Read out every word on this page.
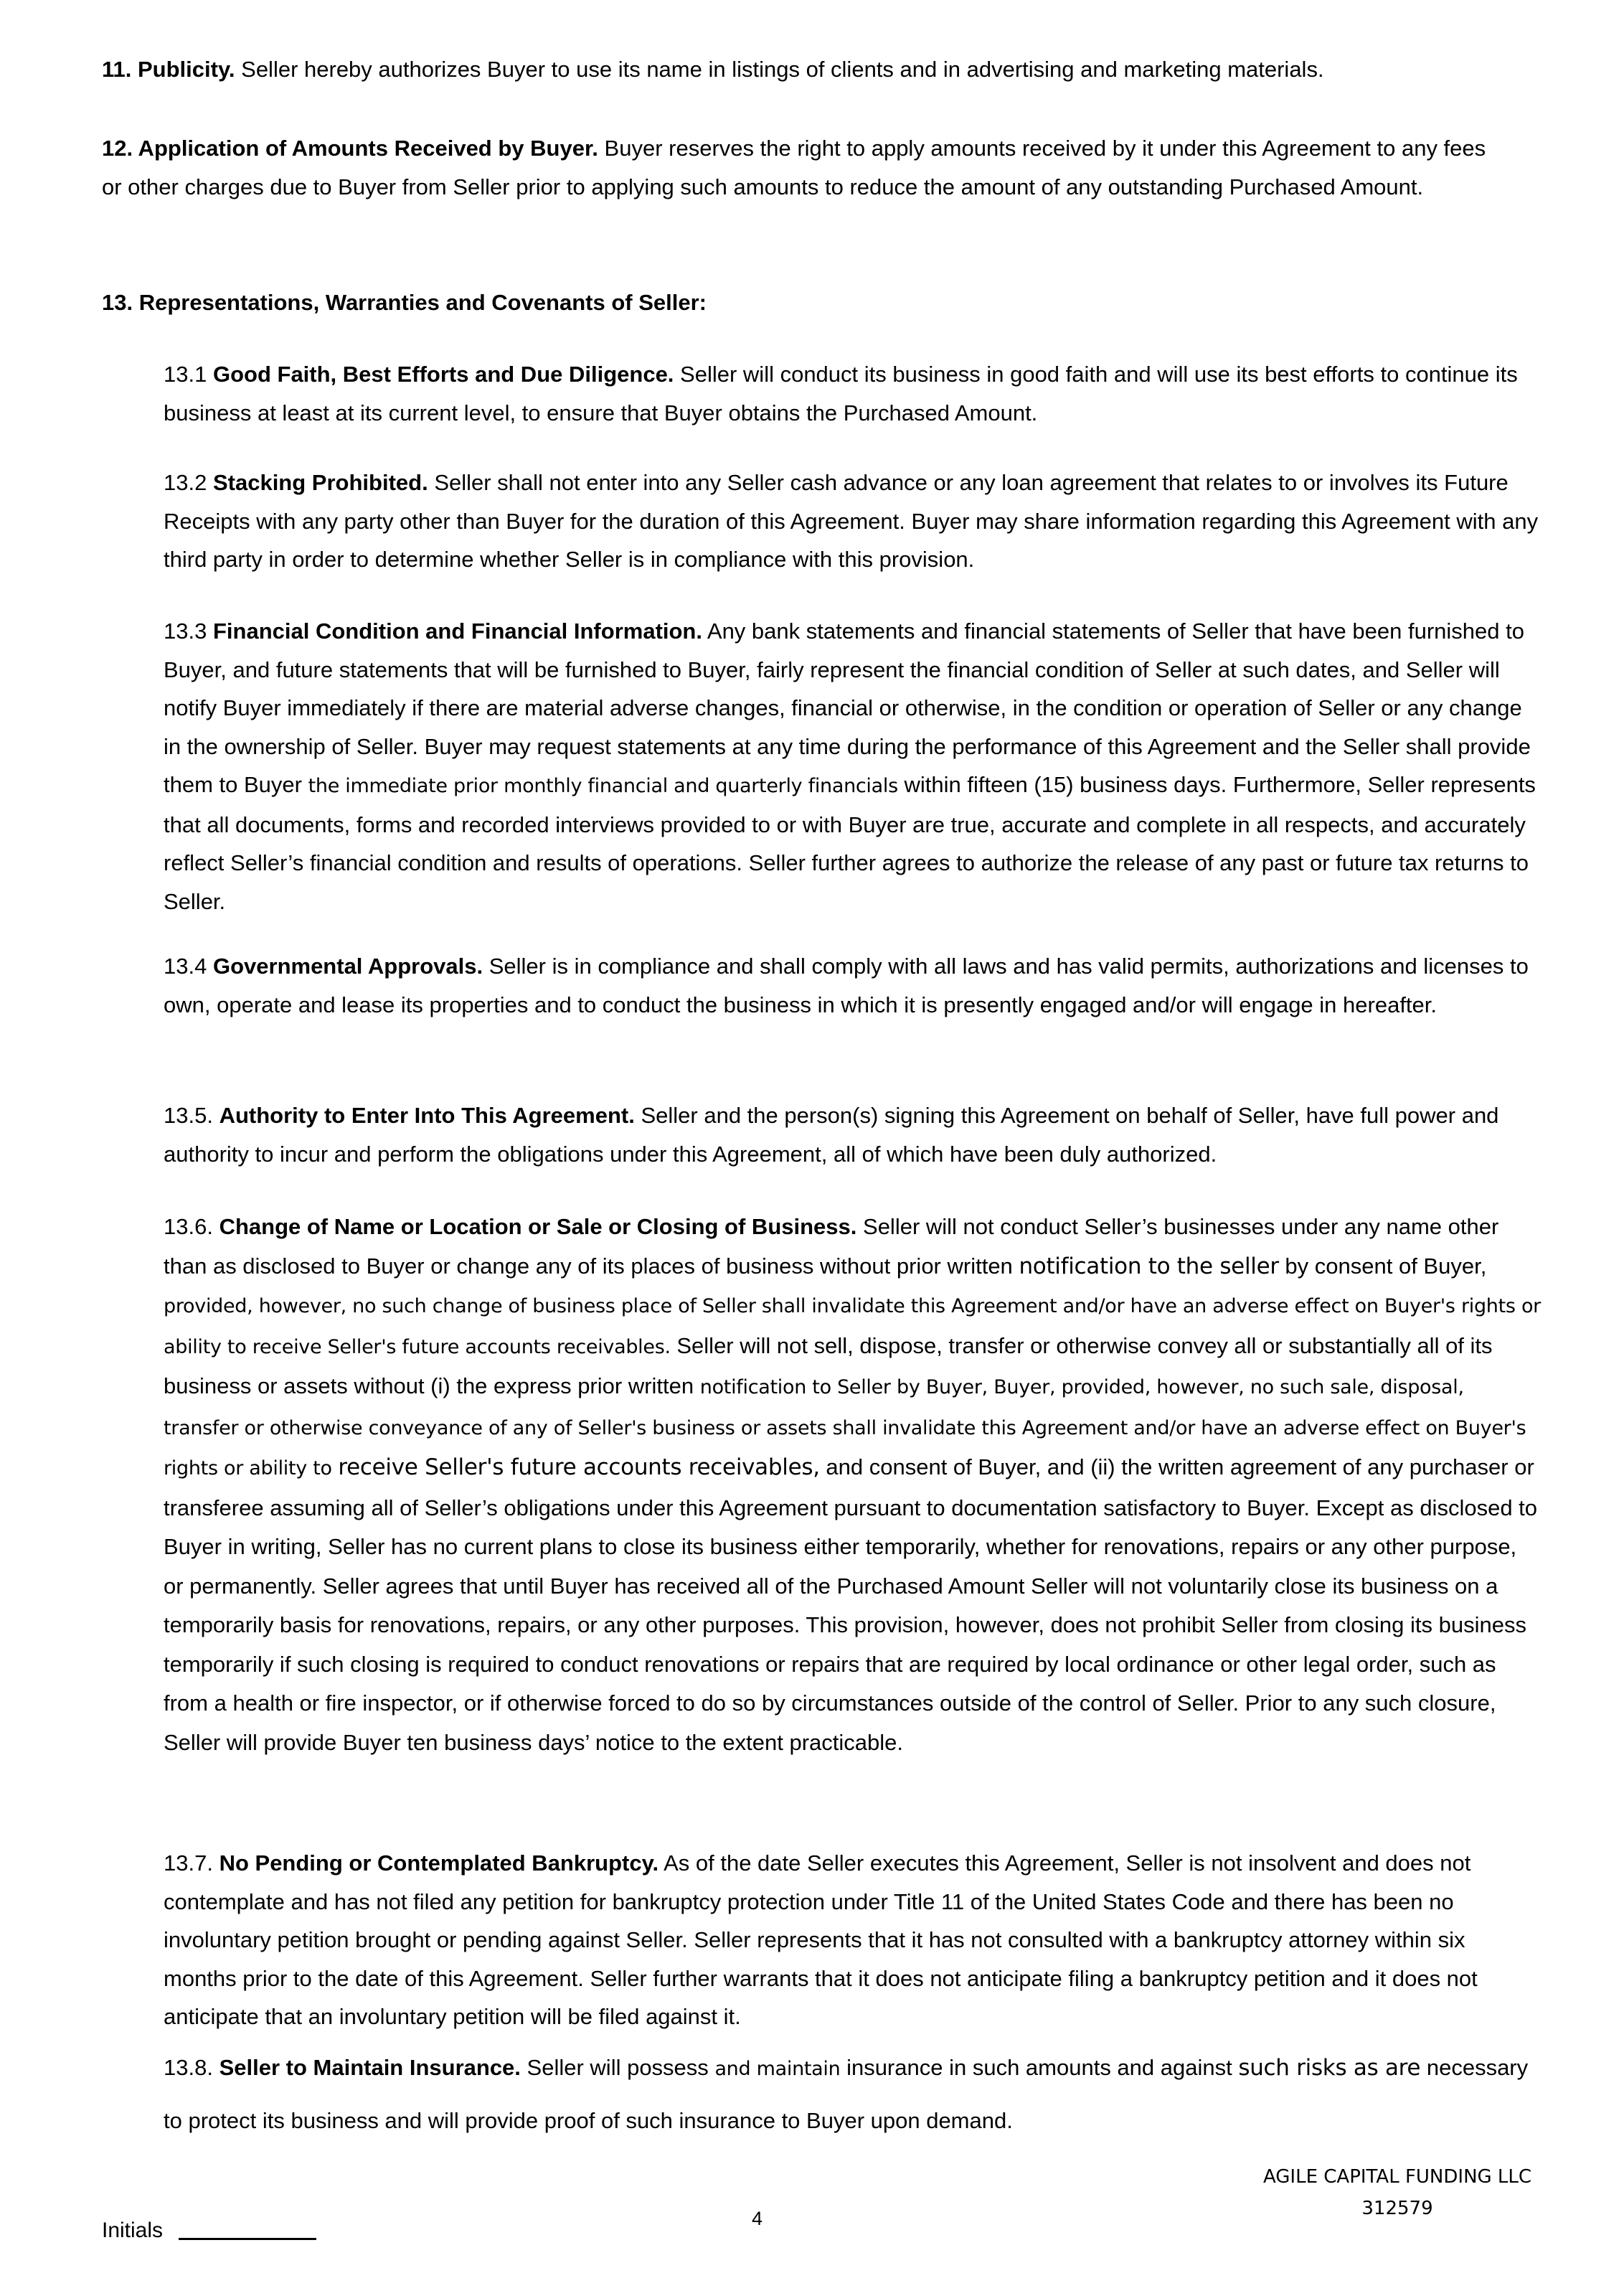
11. Publicity. Seller hereby authorizes Buyer to use its name in listings of clients and in advertising and marketing materials.

12. Application of Amounts Received by Buyer. Buyer reserves the right to apply amounts received by it under this Agreement to any fees or other charges due to Buyer from Seller prior to applying such amounts to reduce the amount of any outstanding Purchased Amount.

13. Representations, Warranties and Covenants of Seller:

13.1 Good Faith, Best Efforts and Due Diligence. Seller will conduct its business in good faith and will use its best efforts to continue its business at least at its current level, to ensure that Buyer obtains the Purchased Amount.

13.2 Stacking Prohibited. Seller shall not enter into any Seller cash advance or any loan agreement that relates to or involves its Future Receipts with any party other than Buyer for the duration of this Agreement. Buyer may share information regarding this Agreement with any third party in order to determine whether Seller is in compliance with this provision.

13.3 Financial Condition and Financial Information. Any bank statements and financial statements of Seller that have been furnished to Buyer, and future statements that will be furnished to Buyer, fairly represent the financial condition of Seller at such dates, and Seller will notify Buyer immediately if there are material adverse changes, financial or otherwise, in the condition or operation of Seller or any change in the ownership of Seller. Buyer may request statements at any time during the performance of this Agreement and the Seller shall provide them to Buyer the immediate prior monthly financial and quarterly financials within fifteen (15) business days. Furthermore, Seller represents that all documents, forms and recorded interviews provided to or with Buyer are true, accurate and complete in all respects, and accurately reflect Seller’s financial condition and results of operations. Seller further agrees to authorize the release of any past or future tax returns to Seller.

13.4 Governmental Approvals. Seller is in compliance and shall comply with all laws and has valid permits, authorizations and licenses to own, operate and lease its properties and to conduct the business in which it is presently engaged and/or will engage in hereafter.

13.5. Authority to Enter Into This Agreement. Seller and the person(s) signing this Agreement on behalf of Seller, have full power and authority to incur and perform the obligations under this Agreement, all of which have been duly authorized.

13.6. Change of Name or Location or Sale or Closing of Business. Seller will not conduct Seller’s businesses under any name other than as disclosed to Buyer or change any of its places of business without prior written notification to the seller by consent of Buyer, provided, however, no such change of business place of Seller shall invalidate this Agreement and/or have an adverse effect on Buyer's rights or ability to receive Seller's future accounts receivables. Seller will not sell, dispose, transfer or otherwise convey all or substantially all of its business or assets without (i) the express prior written notification to Seller by Buyer, Buyer, provided, however, no such sale, disposal, transfer or otherwise conveyance of any of Seller's business or assets shall invalidate this Agreement and/or have an adverse effect on Buyer's rights or ability to receive Seller's future accounts receivables, and consent of Buyer, and (ii) the written agreement of any purchaser or transferee assuming all of Seller’s obligations under this Agreement pursuant to documentation satisfactory to Buyer. Except as disclosed to Buyer in writing, Seller has no current plans to close its business either temporarily, whether for renovations, repairs or any other purpose, or permanently. Seller agrees that until Buyer has received all of the Purchased Amount Seller will not voluntarily close its business on a temporarily basis for renovations, repairs, or any other purposes. This provision, however, does not prohibit Seller from closing its business temporarily if such closing is required to conduct renovations or repairs that are required by local ordinance or other legal order, such as from a health or fire inspector, or if otherwise forced to do so by circumstances outside of the control of Seller. Prior to any such closure, Seller will provide Buyer ten business days’ notice to the extent practicable.

13.7. No Pending or Contemplated Bankruptcy. As of the date Seller executes this Agreement, Seller is not insolvent and does not contemplate and has not filed any petition for bankruptcy protection under Title 11 of the United States Code and there has been no involuntary petition brought or pending against Seller. Seller represents that it has not consulted with a bankruptcy attorney within six months prior to the date of this Agreement. Seller further warrants that it does not anticipate filing a bankruptcy petition and it does not anticipate that an involuntary petition will be filed against it.

13.8. Seller to Maintain Insurance. Seller will possess and maintain insurance in such amounts and against such risks as are necessary to protect its business and will provide proof of such insurance to Buyer upon demand.

AGILE CAPITAL FUNDING LLC
312579
4
Initials
